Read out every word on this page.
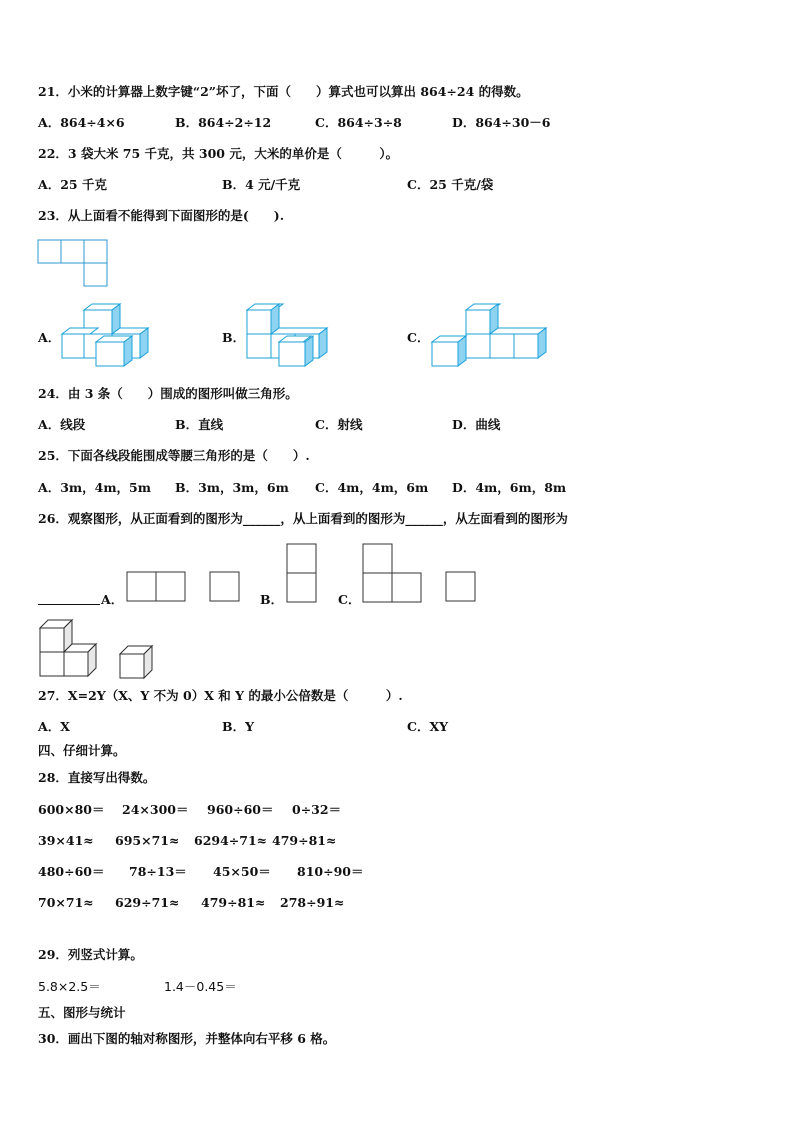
21．小米的计算器上数字键“2”坏了，下面（　　）算式也可以算出 864÷24 的得数。
A．864÷4×6	B．864÷2÷12	C．864÷3÷8	D．864÷30－6
22．3 袋大米 75 千克，共 300 元，大米的单价是（　　　）。
A．25 千克	B．4 元/千克	C．25 千克/袋
23．从上面看不能得到下面图形的是(　　).
A．	B．	C．
24．由 3 条（　　）围成的图形叫做三角形。
A．线段	B．直线	C．射线	D．曲线
25．下面各线段能围成等腰三角形的是（　　）.
A．3m，4m，5m B．3m，3m，6m C．4m，4m，6m D．4m，6m，8m
26．观察图形，从正面看到的图形为______，从上面看到的图形为______，从左面看到的图形为
A．	B．	C．
27．X=2Y（X、Y 不为 0）X 和 Y 的最小公倍数是（　　　）.
A．X	B．Y	C．XY
四、仔细计算。
28．直接写出得数。
600×80＝ 24×300＝ 960÷60＝ 0÷32＝
39×41≈ 695×71≈ 6294÷71≈ 479÷81≈
480÷60＝ 78÷13＝ 45×50＝ 810÷90＝
70×71≈ 629÷71≈ 479÷81≈ 278÷91≈
29．列竖式计算。
5.8×2.5＝	1.4－0.45＝
五、图形与统计
30．画出下图的轴对称图形，并整体向右平移 6 格。
